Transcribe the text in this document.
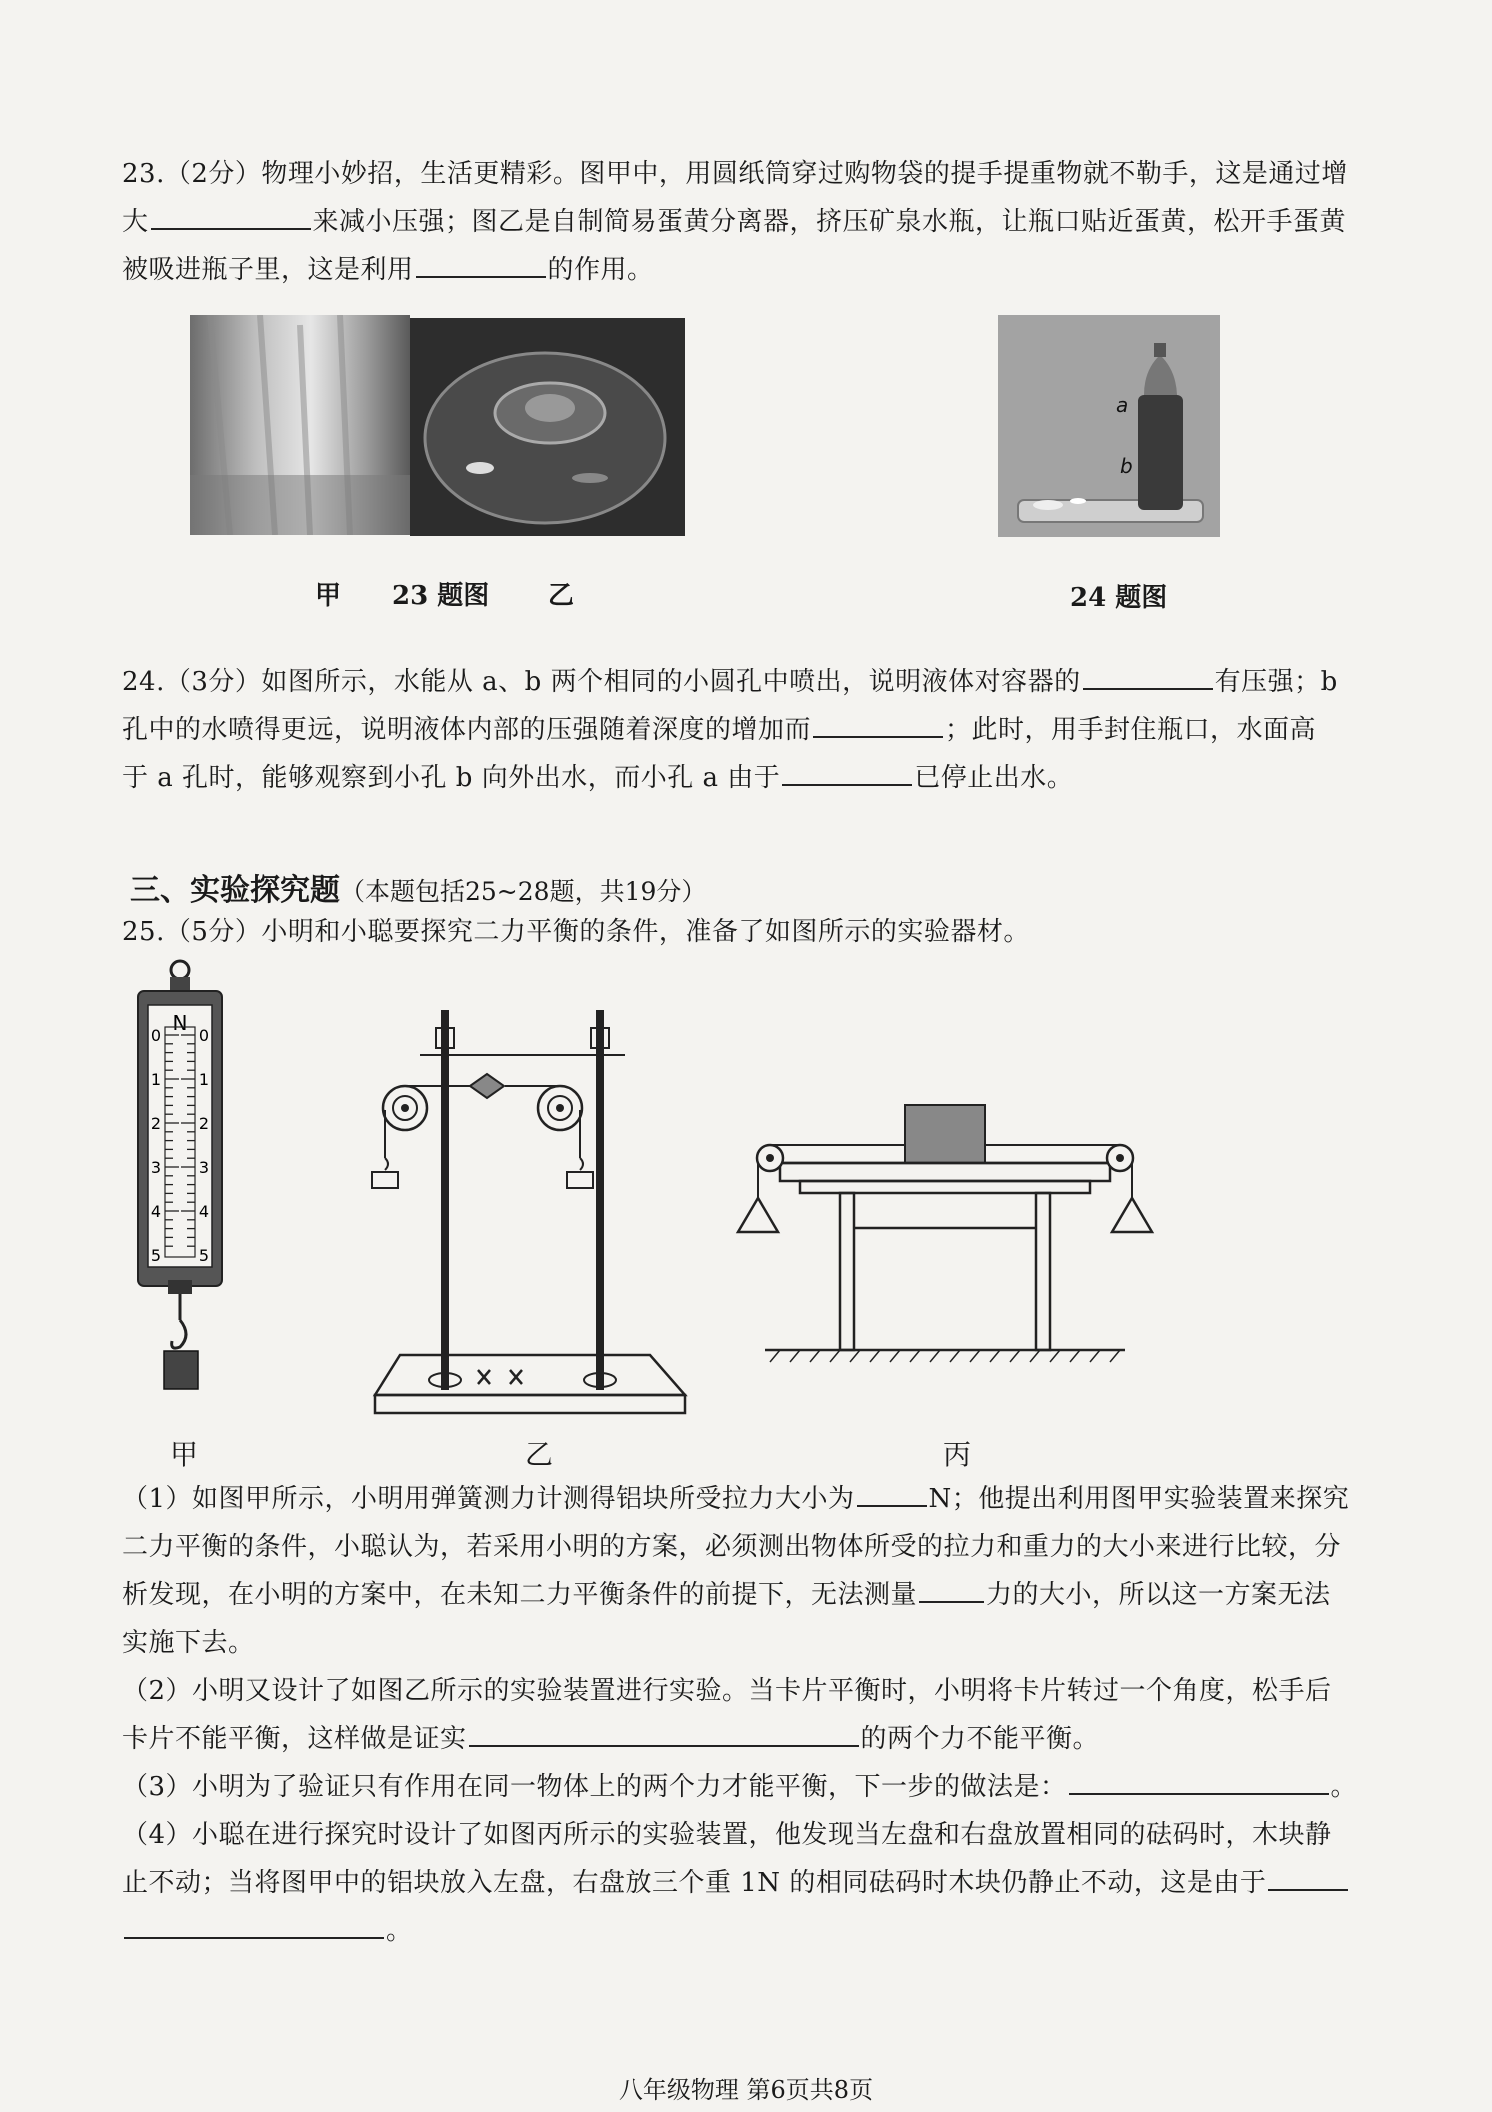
23.（2分）物理小妙招，生活更精彩。图甲中，用圆纸筒穿过购物袋的提手提重物就不勒手，这是通过增
大	来减小压强；图乙是自制简易蛋黄分离器，挤压矿泉水瓶，让瓶口贴近蛋黄，松开手蛋黄
被吸进瓶子里，这是利用	的作用。
甲 23 题图 乙
a
b
24 题图
24.（3分）如图所示，水能从 a、b 两个相同的小圆孔中喷出，说明液体对容器的	有压强；b
孔中的水喷得更远，说明液体内部的压强随着深度的增加而	；此时，用手封住瓶口，水面高
于 a 孔时，能够观察到小孔 b 向外出水，而小孔 a 由于	已停止出水。
三、实验探究题（本题包括25~28题，共19分）
25.（5分）小明和小聪要探究二力平衡的条件，准备了如图所示的实验器材。
N
0 0
1 1
2 2
3 3
4 4
5 5
甲	乙	丙
（1）如图甲所示，小明用弹簧测力计测得铝块所受拉力大小为	N；他提出利用图甲实验装置来探究
二力平衡的条件，小聪认为，若采用小明的方案，必须测出物体所受的拉力和重力的大小来进行比较，分
析发现，在小明的方案中，在未知二力平衡条件的前提下，无法测量	力的大小，所以这一方案无法
实施下去。
（2）小明又设计了如图乙所示的实验装置进行实验。当卡片平衡时，小明将卡片转过一个角度，松手后
卡片不能平衡，这样做是证实	的两个力不能平衡。
（3）小明为了验证只有作用在同一物体上的两个力才能平衡，下一步的做法是：	。
（4）小聪在进行探究时设计了如图丙所示的实验装置，他发现当左盘和右盘放置相同的砝码时，木块静
止不动；当将图甲中的铝块放入左盘，右盘放三个重 1N 的相同砝码时木块仍静止不动，这是由于
。
八年级物理 第6页共8页
